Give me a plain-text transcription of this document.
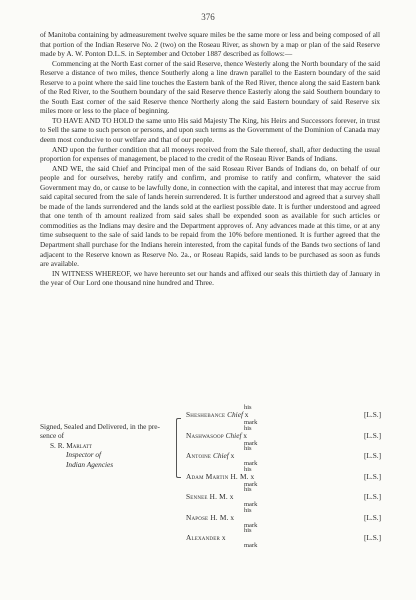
376

of Manitoba containing by admeasurement twelve square miles be the same more or less and being composed of all that portion of the Indian Reserve No. 2 (two) on the Roseau River, as shown by a map or plan of the said Reserve made by A. W. Ponton D.L.S. in September and October 1887 described as follows:—

Commencing at the North East corner of the said Reserve, thence Westerly along the North boundary of the said Reserve a distance of two miles, thence Southerly along a line drawn parallel to the Eastern boundary of the said Reserve to a point where the said line touches the Eastern bank of the Red River, thence along the said Eastern bank of the Red River, to the Southern boundary of the said Reserve thence Easterly along the said Southern boundary to the South East corner of the said Reserve thence Northerly along the said Eastern boundary of said Reserve six miles more or less to the place of beginning.

TO HAVE AND TO HOLD the same unto His said Majesty The King, his Heirs and Successors forever, in trust to Sell the same to such person or persons, and upon such terms as the Government of the Dominion of Canada may deem most conducive to our welfare and that of our people.

AND upon the further condition that all moneys received from the Sale thereof, shall, after deducting the usual proportion for expenses of management, be placed to the credit of the Roseau River Bands of Indians.

AND WE, the said Chief and Principal men of the said Roseau River Bands of Indians do, on behalf of our people and for ourselves, hereby ratify and confirm, and promise to ratify and confirm, whatever the said Government may do, or cause to be lawfully done, in connection with the capital, and interest that may accrue from said capital secured from the sale of lands herein surrendered. It is further understood and agreed that a survey shall be made of the lands surrendered and the lands sold at the earliest possible date. It is further understood and agreed that one tenth of th amount realized from said sales shall be expended soon as available for such articles or commodities as the Indians may desire and the Department approves of. Any advances made at this time, or at any time subsequent to the sale of said lands to be repaid from the 10% before mentioned. It is further agreed that the Department shall purchase for the Indians herein interested, from the capital funds of the Bands two sections of land adjacent to the Reserve known as Reserve No. 2a., or Roseau Rapids, said lands to be purchased as soon as funds are available.

IN WITNESS WHEREOF, we have hereunto set our hands and affixed our seals this thirtieth day of January in the year of Our Lord one thousand nine hundred and Three.

Signed, Sealed and Delivered, in the pre-
sence of
S. R. Marlatt
Inspector of
Indian Agencies
his
Sheshebance Chief x
mark
[L.S.]
his
Nashwasoop Chief x
mark
[L.S.]
his
Antoine Chief x
mark
[L.S.]
his
Adam Martin H. M. x
mark
[L.S.]
his
Sennee H. M. x
mark
[L.S.]
his
Napose H. M. x
mark
[L.S.]
his
Alexander x
mark
[L.S.]
